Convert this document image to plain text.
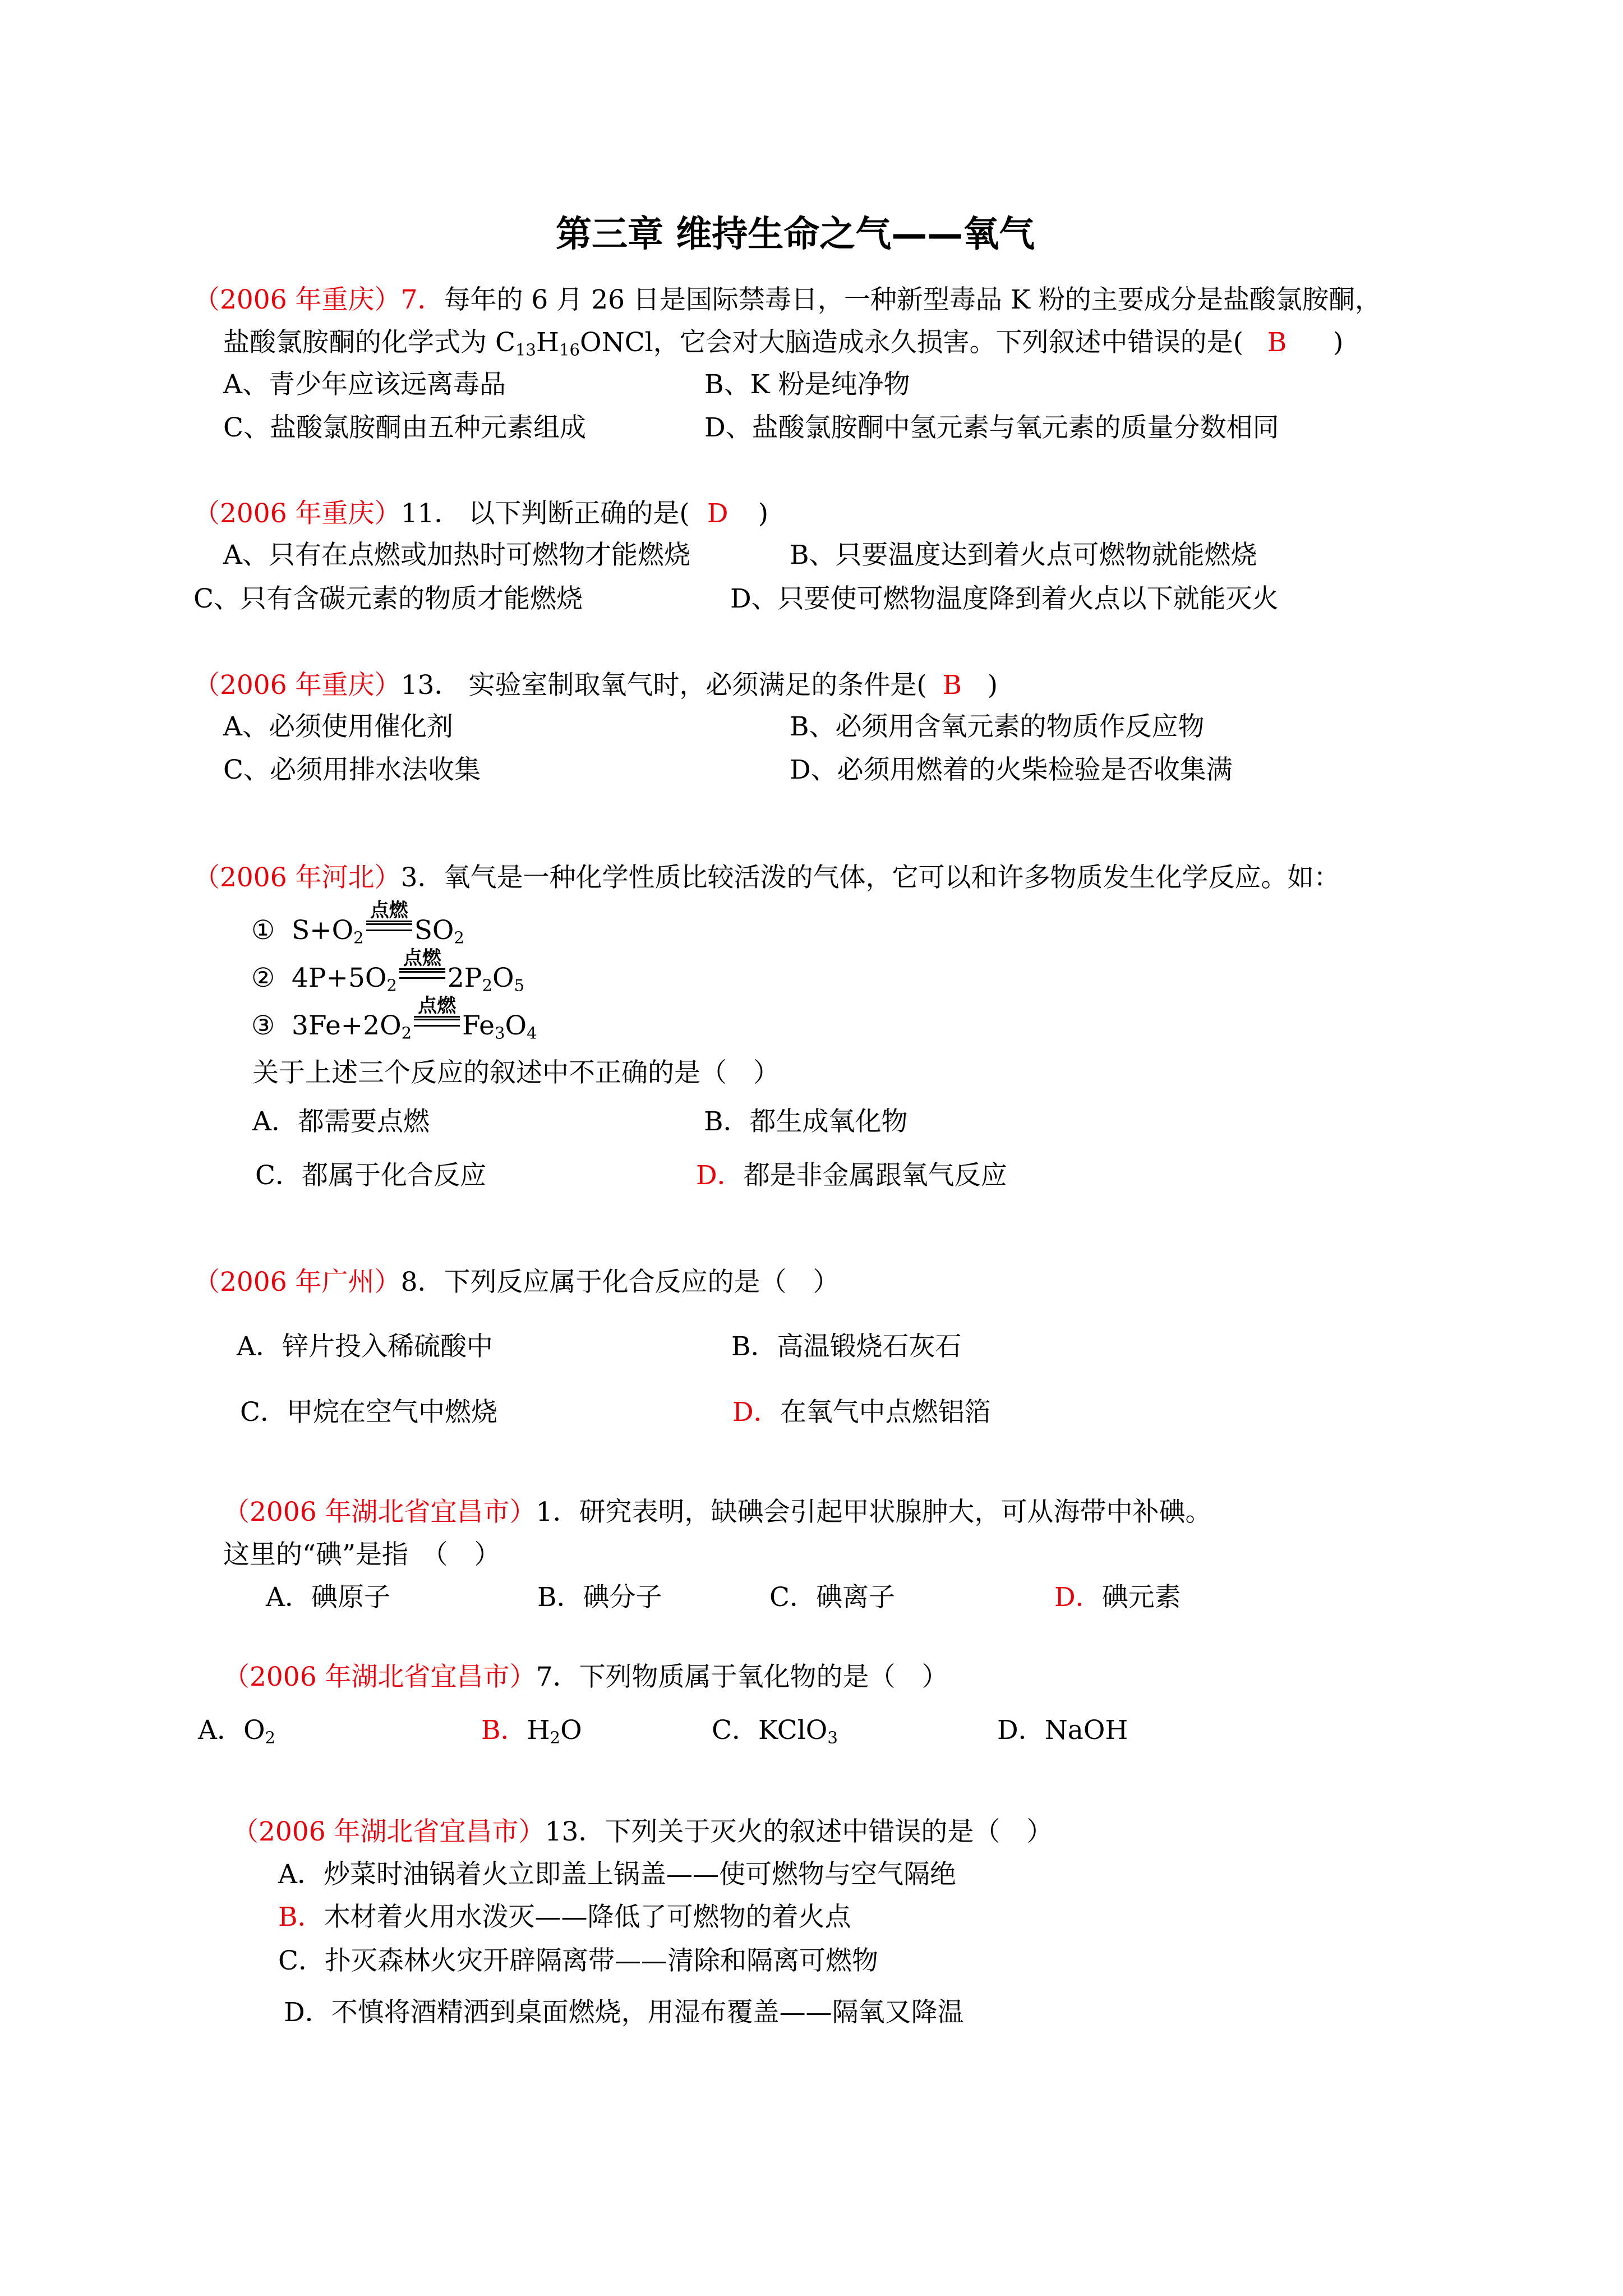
第三章 维持生命之气——氧气
（2006 年重庆）7．每年的 6 月 26 日是国际禁毒日，一种新型毒品 K 粉的主要成分是盐酸氯胺酮，
盐酸氯胺酮的化学式为 $C_{13}H_{16}ONCl$，它会对大脑造成永久损害。下列叙述中错误的是( B )
A、青少年应该远离毒品	B、K 粉是纯净物
C、盐酸氯胺酮由五种元素组成	D、盐酸氯胺酮中氢元素与氧元素的质量分数相同
（2006 年重庆）11． 以下判断正确的是( D )
A、只有在点燃或加热时可燃物才能燃烧	B、只要温度达到着火点可燃物就能燃烧
C、只有含碳元素的物质才能燃烧	D、只要使可燃物温度降到着火点以下就能灭火
（2006 年重庆）13． 实验室制取氧气时，必须满足的条件是( B )
A、必须使用催化剂	B、必须用含氧元素的物质作反应物
C、必须用排水法收集	D、必须用燃着的火柴检验是否收集满
（2006 年河北）3．氧气是一种化学性质比较活泼的气体，它可以和许多物质发生化学反应。如：
① $S+O_2$
点燃
$SO_2$
② $4P+5O_2$
点燃
$2P_2O_5$
③ $3Fe+2O_2$
点燃
$Fe_3O_4$
关于上述三个反应的叙述中不正确的是（　）
A．都需要点燃	B．都生成氧化物
C．都属于化合反应	D．都是非金属跟氧气反应
（2006 年广州）8．下列反应属于化合反应的是（　）
A．锌片投入稀硫酸中	B．高温锻烧石灰石
C．甲烷在空气中燃烧	D．在氧气中点燃铝箔
（2006 年湖北省宜昌市）1．研究表明，缺碘会引起甲状腺肿大，可从海带中补碘。
这里的“碘”是指　（　）
A．碘原子	B．碘分子	C．碘离子	D．碘元素
（2006 年湖北省宜昌市）7．下列物质属于氧化物的是（　）
A．$O_2$	B．$H_2O$	C．KClO$_3$	D．NaOH
（2006 年湖北省宜昌市）13．下列关于灭火的叙述中错误的是（　）
A．炒菜时油锅着火立即盖上锅盖——使可燃物与空气隔绝
B．木材着火用水泼灭——降低了可燃物的着火点
C．扑灭森林火灾开辟隔离带——清除和隔离可燃物
D．不慎将酒精洒到桌面燃烧，用湿布覆盖——隔氧又降温
